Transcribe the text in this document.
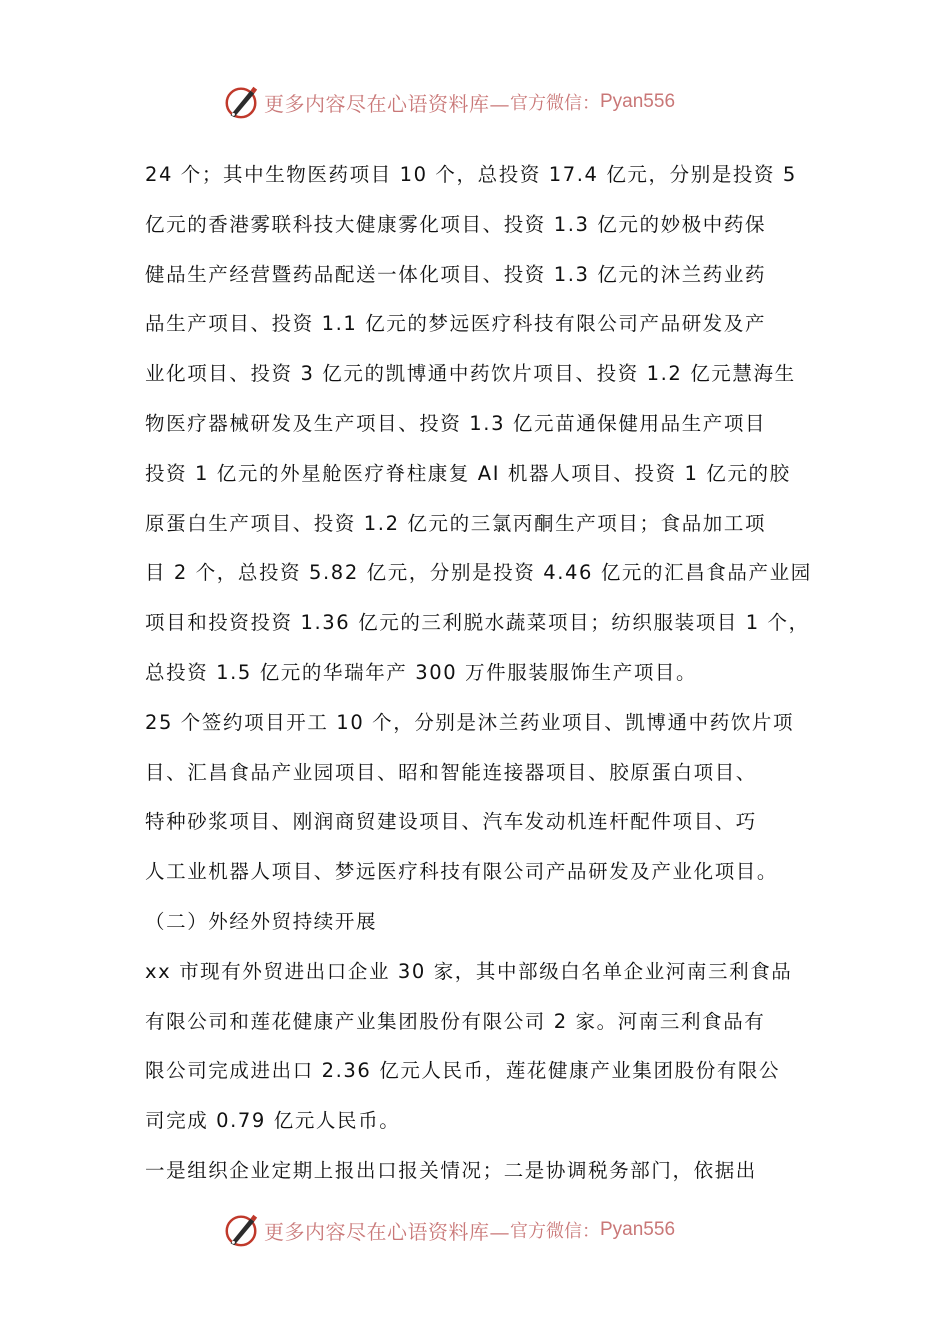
更多内容尽在心语资料库— 官方微信： Pyan556
24 个；其中生物医药项目 10 个，总投资 17.4 亿元，分别是投资 5
亿元的香港雾联科技大健康雾化项目、投资 1.3 亿元的妙极中药保
健品生产经营暨药品配送一体化项目、投资 1.3 亿元的沐兰药业药
品生产项目、投资 1.1 亿元的梦远医疗科技有限公司产品研发及产
业化项目、投资 3 亿元的凯博通中药饮片项目、投资 1.2 亿元慧海生
物医疗器械研发及生产项目、投资 1.3 亿元苗通保健用品生产项目
投资 1 亿元的外星舱医疗脊柱康复 AI 机器人项目、投资 1 亿元的胶
原蛋白生产项目、投资 1.2 亿元的三氯丙酮生产项目；食品加工项
目 2 个，总投资 5.82 亿元，分别是投资 4.46 亿元的汇昌食品产业园
项目和投资投资 1.36 亿元的三利脱水蔬菜项目；纺织服装项目 1 个，
总投资 1.5 亿元的华瑞年产 300 万件服装服饰生产项目。
25 个签约项目开工 10 个，分别是沐兰药业项目、凯博通中药饮片项
目、汇昌食品产业园项目、昭和智能连接器项目、胶原蛋白项目、
特种砂浆项目、刚润商贸建设项目、汽车发动机连杆配件项目、巧
人工业机器人项目、梦远医疗科技有限公司产品研发及产业化项目。
（二）外经外贸持续开展
xx 市现有外贸进出口企业 30 家，其中部级白名单企业河南三利食品
有限公司和莲花健康产业集团股份有限公司 2 家。河南三利食品有
限公司完成进出口 2.36 亿元人民币，莲花健康产业集团股份有限公
司完成 0.79 亿元人民币。
一是组织企业定期上报出口报关情况；二是协调税务部门，依据出
更多内容尽在心语资料库— 官方微信： Pyan556
